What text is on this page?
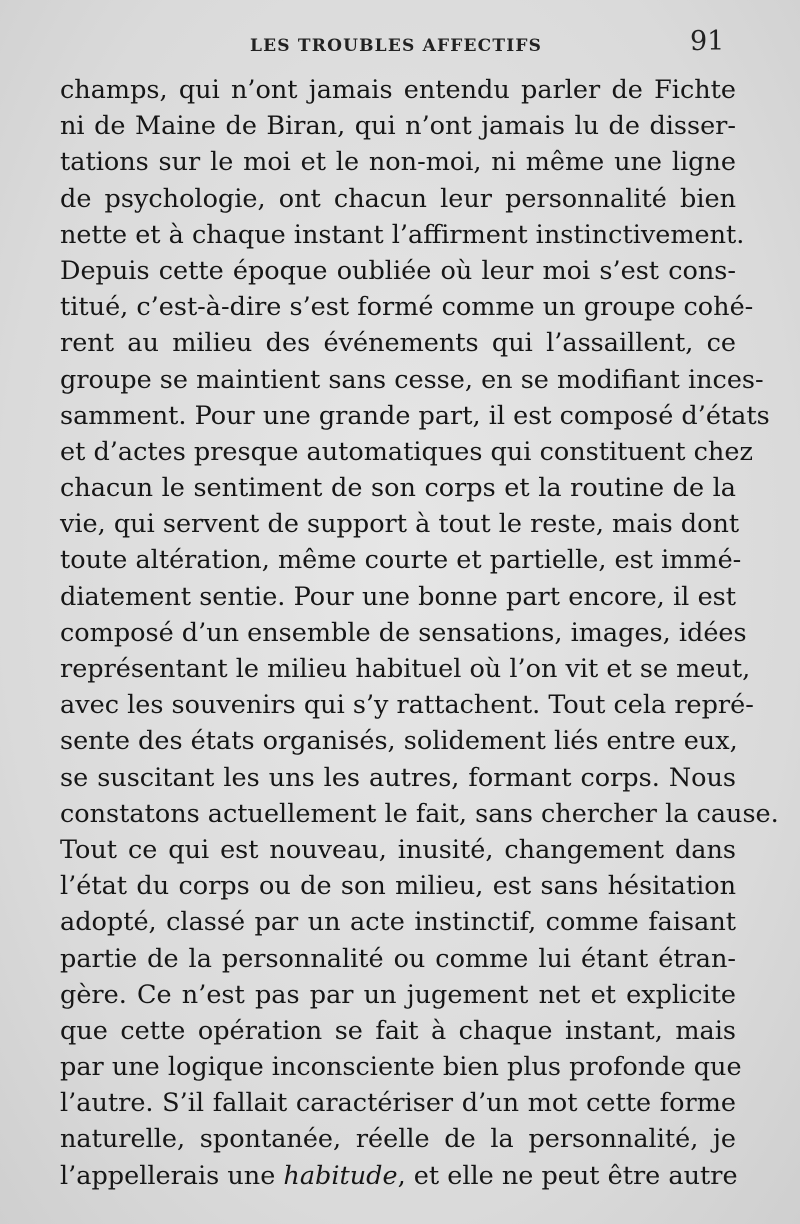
LES TROUBLES AFFECTIFS	91
champs, qui n’ont jamais entendu parler de Fichte
ni de Maine de Biran, qui n’ont jamais lu de disser-
tations sur le moi et le non-moi, ni même une ligne
de psychologie, ont chacun leur personnalité bien
nette et à chaque instant l’affirment instinctivement.
Depuis cette époque oubliée où leur moi s’est cons-
titué, c’est-à-dire s’est formé comme un groupe cohé-
rent au milieu des événements qui l’assaillent, ce
groupe se maintient sans cesse, en se modifiant inces-
samment. Pour une grande part, il est composé d’états
et d’actes presque automatiques qui constituent chez
chacun le sentiment de son corps et la routine de la
vie, qui servent de support à tout le reste, mais dont
toute altération, même courte et partielle, est immé-
diatement sentie. Pour une bonne part encore, il est
composé d’un ensemble de sensations, images, idées
représentant le milieu habituel où l’on vit et se meut,
avec les souvenirs qui s’y rattachent. Tout cela repré-
sente des états organisés, solidement liés entre eux,
se suscitant les uns les autres, formant corps. Nous
constatons actuellement le fait, sans chercher la cause.
Tout ce qui est nouveau, inusité, changement dans
l’état du corps ou de son milieu, est sans hésitation
adopté, classé par un acte instinctif, comme faisant
partie de la personnalité ou comme lui étant étran-
gère. Ce n’est pas par un jugement net et explicite
que cette opération se fait à chaque instant, mais
par une logique inconsciente bien plus profonde que
l’autre. S’il fallait caractériser d’un mot cette forme
naturelle, spontanée, réelle de la personnalité, je
l’appellerais une habitude, et elle ne peut être autre
